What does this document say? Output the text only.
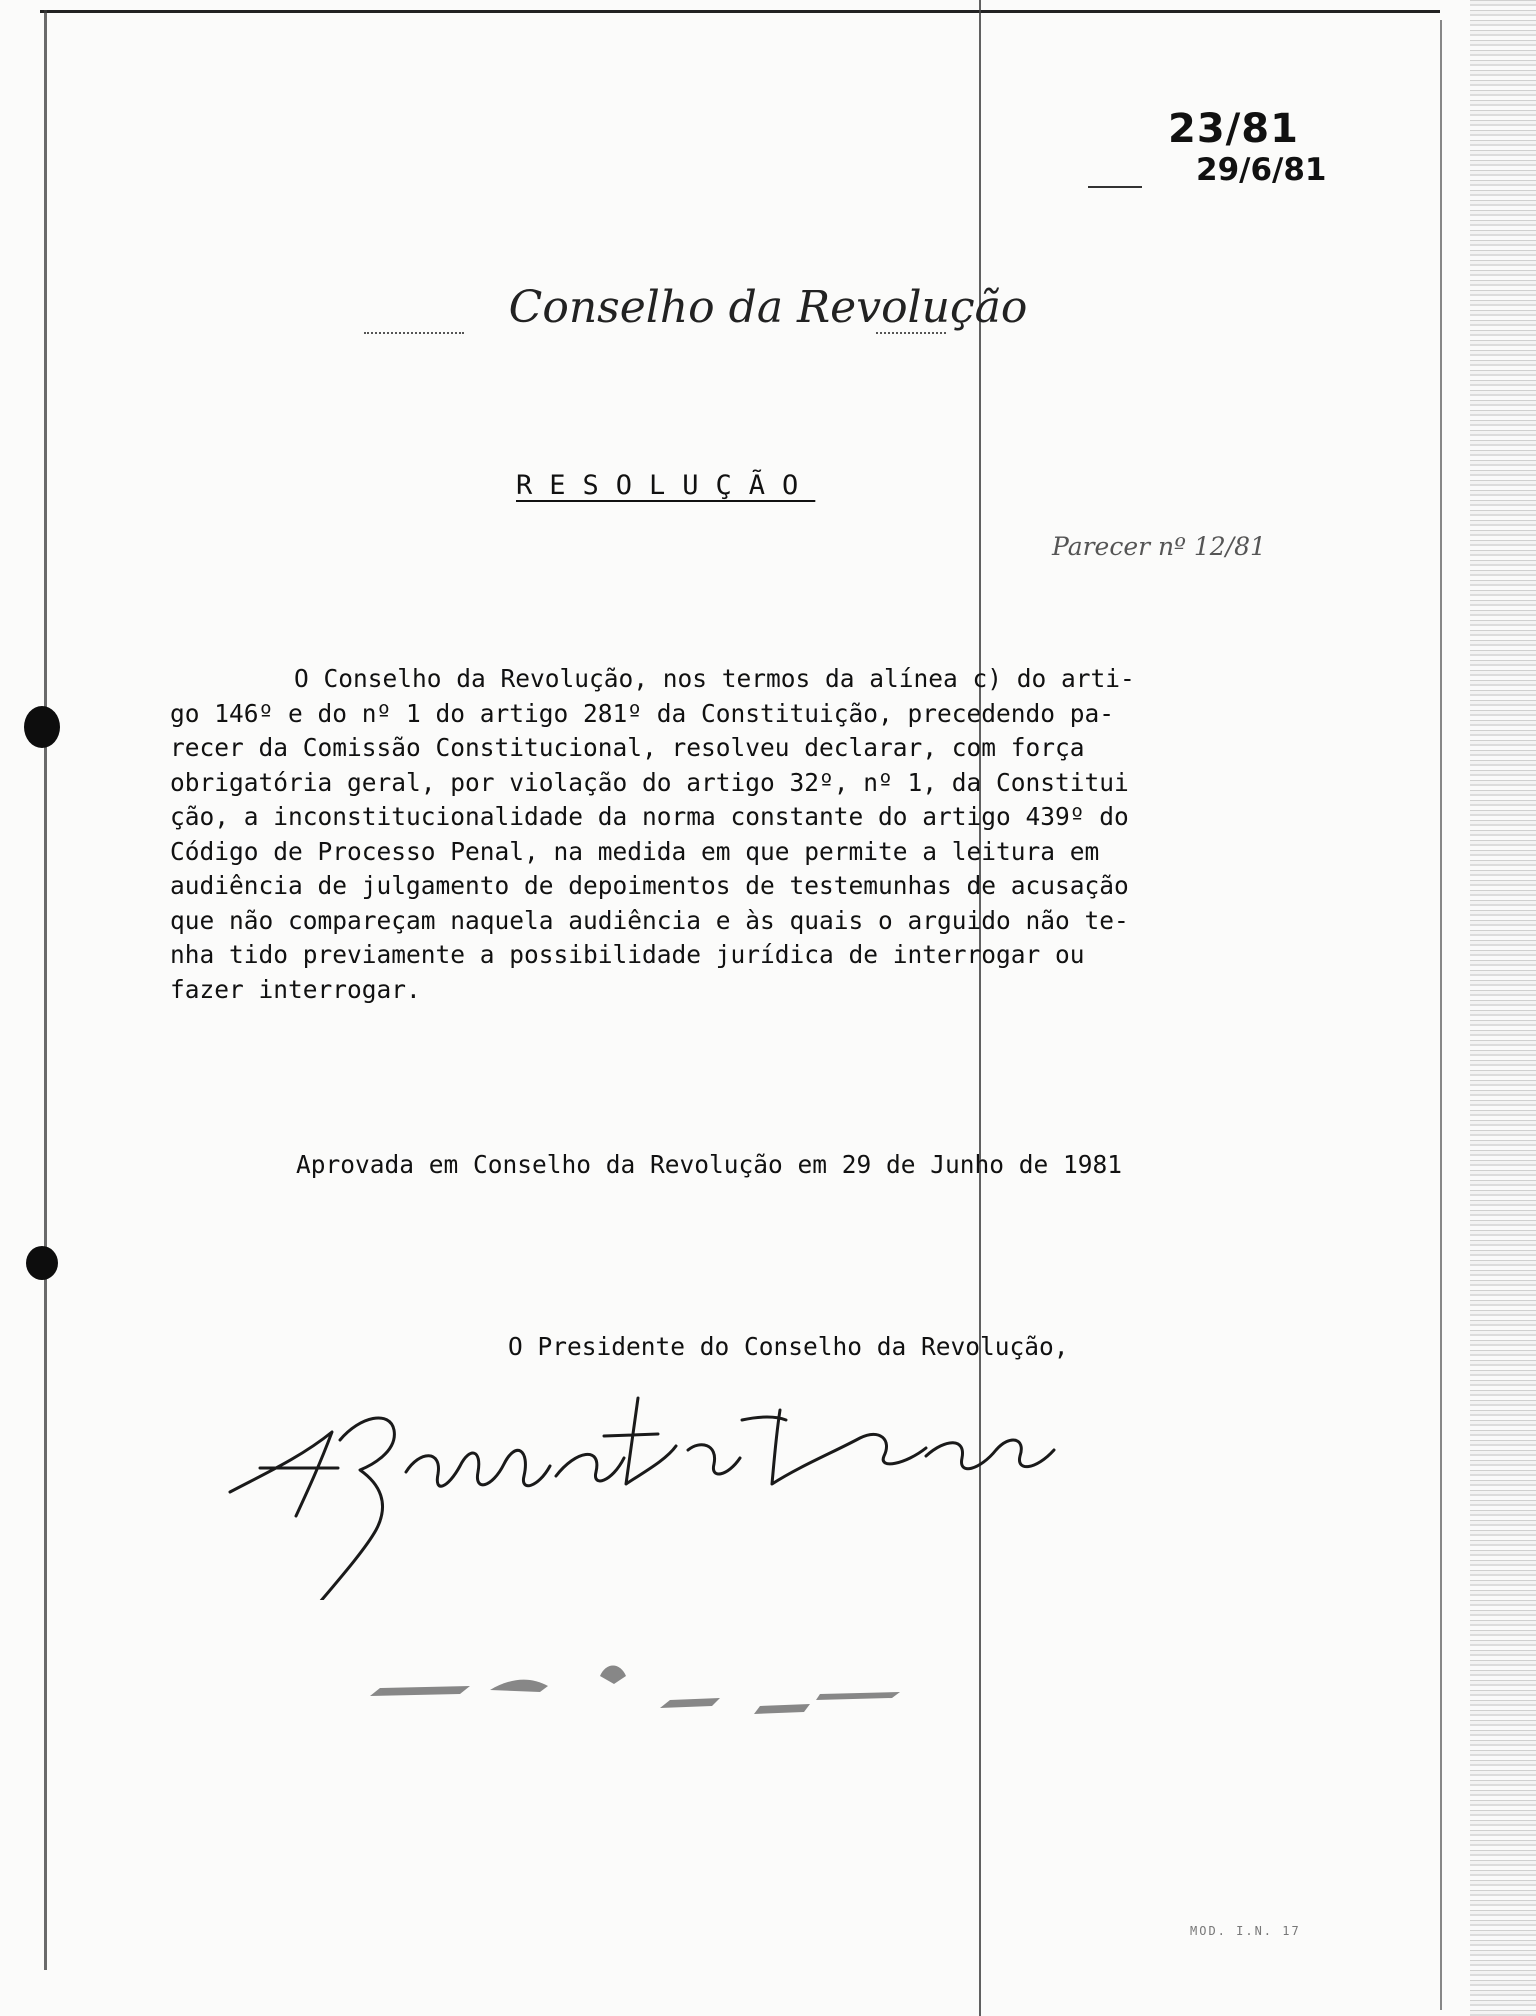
23/81
29/6/81
Conselho da Revolução
RESOLUÇÃO
Parecer nº 12/81
O Conselho da Revolução, nos termos da alínea c) do arti-
go 146º e do nº 1 do artigo 281º da Constituição, precedendo pa-
recer da Comissão Constitucional, resolveu declarar, com força
obrigatória geral, por violação do artigo 32º, nº 1, da Constitui
ção, a inconstitucionalidade da norma constante do artigo 439º do
Código de Processo Penal, na medida em que permite a leitura em
audiência de julgamento de depoimentos de testemunhas de acusação
que não compareçam naquela audiência e às quais o arguido não te-
nha tido previamente a possibilidade jurídica de interrogar ou
fazer interrogar.
Aprovada em Conselho da Revolução em 29 de Junho de 1981
O Presidente do Conselho da Revolução,
MOD. I.N. 17
